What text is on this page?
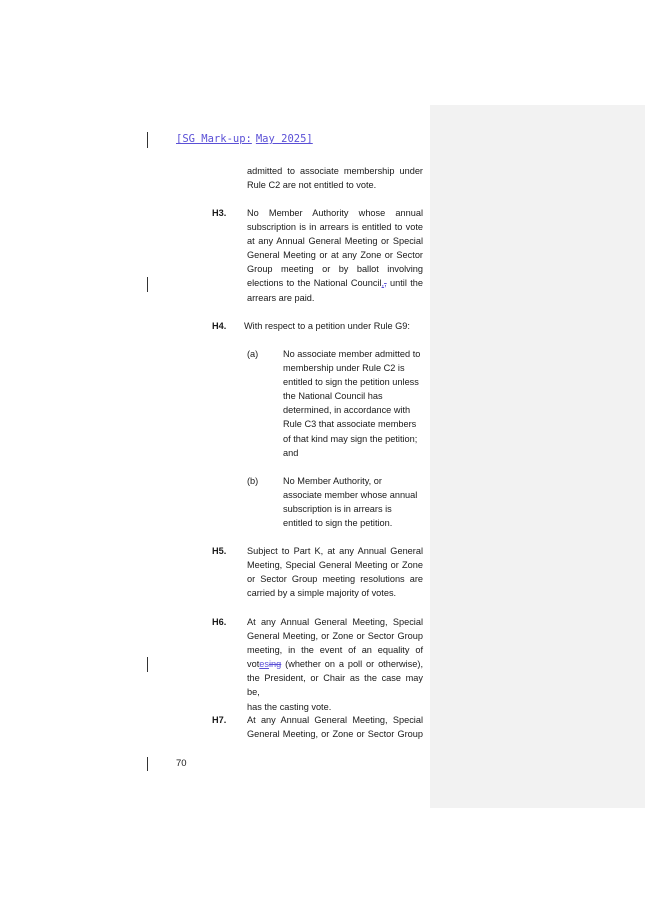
[SG Mark-up: May 2025]
admitted to associate membership under
Rule C2 are not entitled to vote.
H3. No Member Authority whose annual
subscription is in arrears is entitled to vote
at any Annual General Meeting or Special
General Meeting or at any Zone or Sector
Group meeting or by ballot involving
elections to the National Council,, until the
arrears are paid.
H4. With respect to a petition under Rule G9:
(a)	No associate member admitted to
membership under Rule C2 is
entitled to sign the petition unless
the National Council has
determined, in accordance with
Rule C3 that associate members
of that kind may sign the petition;
and
(b)	No Member Authority, or
associate member whose annual
subscription is in arrears is
entitled to sign the petition.
H5. Subject to Part K, at any Annual General
Meeting, Special General Meeting or Zone
or Sector Group meeting resolutions are
carried by a simple majority of votes.
H6. At any Annual General Meeting, Special
General Meeting, or Zone or Sector Group
meeting, in the event of an equality of
votesing (whether on a poll or otherwise),
the President, or Chair as the case may be,
has the casting vote.
H7. At any Annual General Meeting, Special
General Meeting, or Zone or Sector Group
70
